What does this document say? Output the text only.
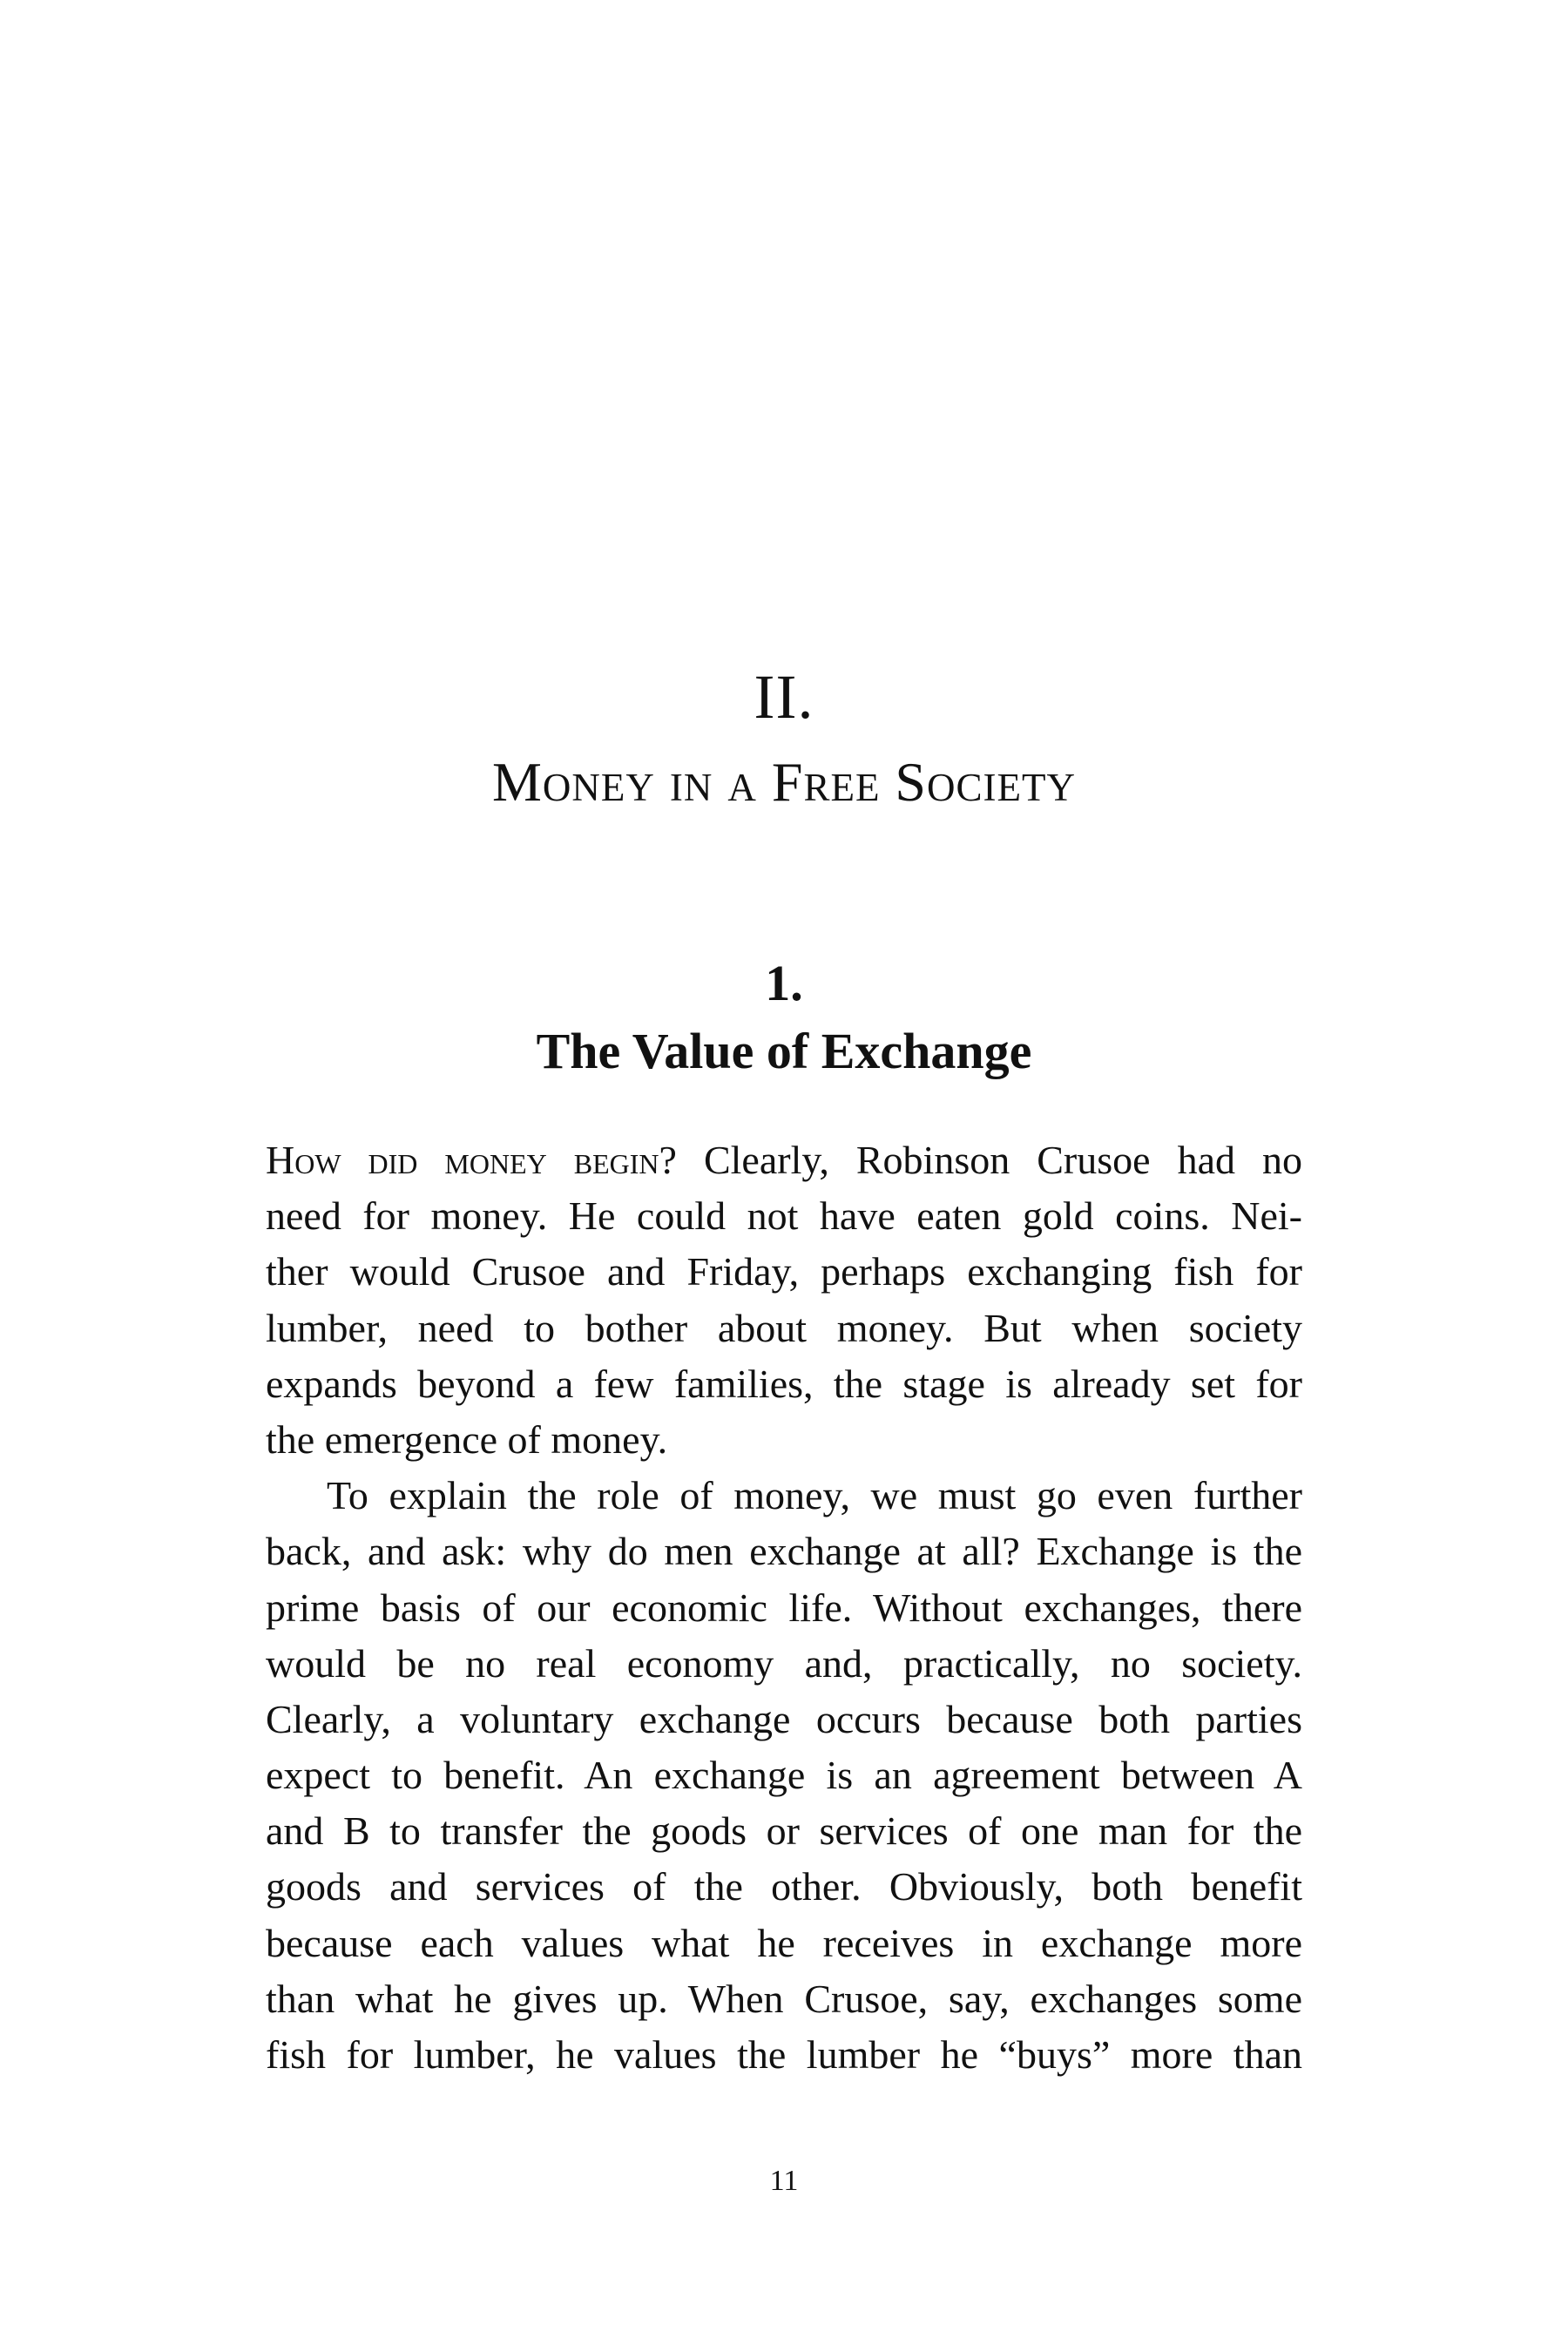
II.
Money in a Free Society
1.
The Value of Exchange
How did money begin? Clearly, Robinson Crusoe had no
need for money. He could not have eaten gold coins. Nei-
ther would Crusoe and Friday, perhaps exchanging fish for
lumber, need to bother about money. But when society
expands beyond a few families, the stage is already set for
the emergence of money.
To explain the role of money, we must go even further
back, and ask: why do men exchange at all? Exchange is the
prime basis of our economic life. Without exchanges, there
would be no real economy and, practically, no society.
Clearly, a voluntary exchange occurs because both parties
expect to benefit. An exchange is an agreement between A
and B to transfer the goods or services of one man for the
goods and services of the other. Obviously, both benefit
because each values what he receives in exchange more
than what he gives up. When Crusoe, say, exchanges some
fish for lumber, he values the lumber he “buys” more than
11
